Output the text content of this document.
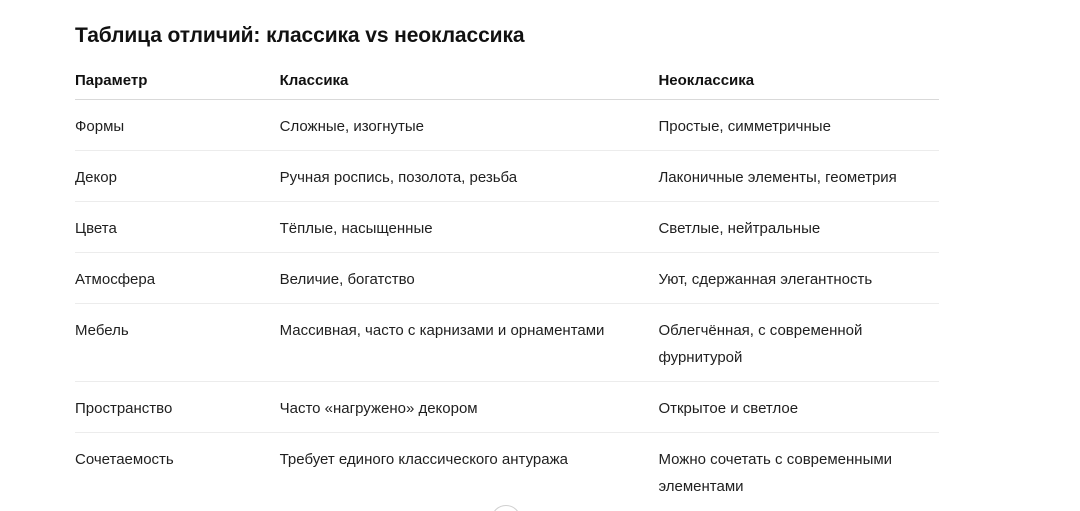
Таблица отличий: классика vs неоклассика
Параметр	Классика	Неоклассика
Формы	Сложные, изогнутые	Простые, симметричные
Декор	Ручная роспись, позолота, резьба	Лаконичные элементы, геометрия
Цвета	Тёплые, насыщенные	Светлые, нейтральные
Атмосфера	Величие, богатство	Уют, сдержанная элегантность
Мебель	Массивная, часто с карнизами и орнаментами	Облегчённая, с современной фурнитурой
Пространство	Часто «нагружено» декором	Открытое и светлое
Сочетаемость	Требует единого классического антуража	Можно сочетать с современными элементами
